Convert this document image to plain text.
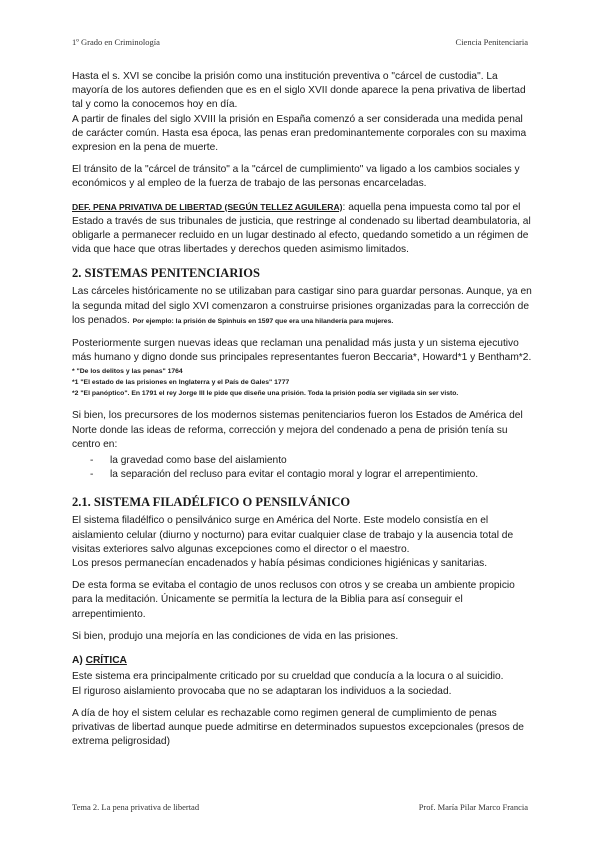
1º Grado en Criminología	Ciencia Penitenciaria

Hasta el s. XVI se concibe la prisión como una institución preventiva o "cárcel de custodia". La mayoría de los autores defienden que es en el siglo XVII donde aparece la pena privativa de libertad tal y como la conocemos hoy en día.
A partir de finales del siglo XVIII la prisión en España comenzó a ser considerada una medida penal de carácter común. Hasta esa época, las penas eran predominantemente corporales con su maxima expresion en la pena de muerte.

El tránsito de la "cárcel de tránsito" a la "cárcel de cumplimiento" va ligado a los cambios sociales y económicos y al empleo de la fuerza de trabajo de las personas encarceladas.

DEF. PENA PRIVATIVA DE LIBERTAD (SEGÚN TELLEZ AGUILERA): aquella pena impuesta como tal por el Estado a través de sus tribunales de justicia, que restringe al condenado su libertad deambulatoria, al obligarle a permanecer recluido en un lugar destinado al efecto, quedando sometido a un régimen de vida que hace que otras libertades y derechos queden asimismo limitados.

2. SISTEMAS PENITENCIARIOS

Las cárceles históricamente no se utilizaban para castigar sino para guardar personas. Aunque, ya en la segunda mitad del siglo XVI comenzaron a construirse prisiones organizadas para la corrección de los penados. Por ejemplo: la prisión de Spinhuis en 1597 que era una hilandería para mujeres.

Posteriormente surgen nuevas ideas que reclaman una penalidad más justa y un sistema ejecutivo más humano y digno donde sus principales representantes fueron Beccaria*, Howard*1 y Bentham*2.

* "De los delitos y las penas" 1764

*1 "El estado de las prisiones en Inglaterra y el País de Gales" 1777

*2 "El panóptico". En 1791 el rey Jorge III le pide que diseñe una prisión. Toda la prisión podía ser vigilada sin ser visto.

Si bien, los precursores de los modernos sistemas penitenciarios fueron los Estados de América del Norte donde las ideas de reforma, corrección y mejora del condenado a pena de prisión tenía su centro en:

- la gravedad como base del aislamiento
- la separación del recluso para evitar el contagio moral y lograr el arrepentimiento.
2.1. SISTEMA FILADÉLFICO O PENSILVÁNICO

El sistema filadélfico o pensilvánico surge en América del Norte. Este modelo consistía en el aislamiento celular (diurno y nocturno) para evitar cualquier clase de trabajo y la ausencia total de visitas exteriores salvo algunas excepciones como el director o el maestro.
Los presos permanecían encadenados y había pésimas condiciones higiénicas y sanitarias.

De esta forma se evitaba el contagio de unos reclusos con otros y se creaba un ambiente propicio para la meditación. Únicamente se permitía la lectura de la Biblia para así conseguir el arrepentimiento.

Si bien, produjo una mejoría en las condiciones de vida en las prisiones.

A) CRÍTICA

Este sistema era principalmente criticado por su crueldad que conducía a la locura o al suicidio.
El riguroso aislamiento provocaba que no se adaptaran los individuos a la sociedad.

A día de hoy el sistem celular es rechazable como regimen general de cumplimiento de penas privativas de libertad aunque puede admitirse en determinados supuestos excepcionales (presos de extrema peligrosidad)

Tema 2. La pena privativa de libertad	Prof. María Pilar Marco Francia
